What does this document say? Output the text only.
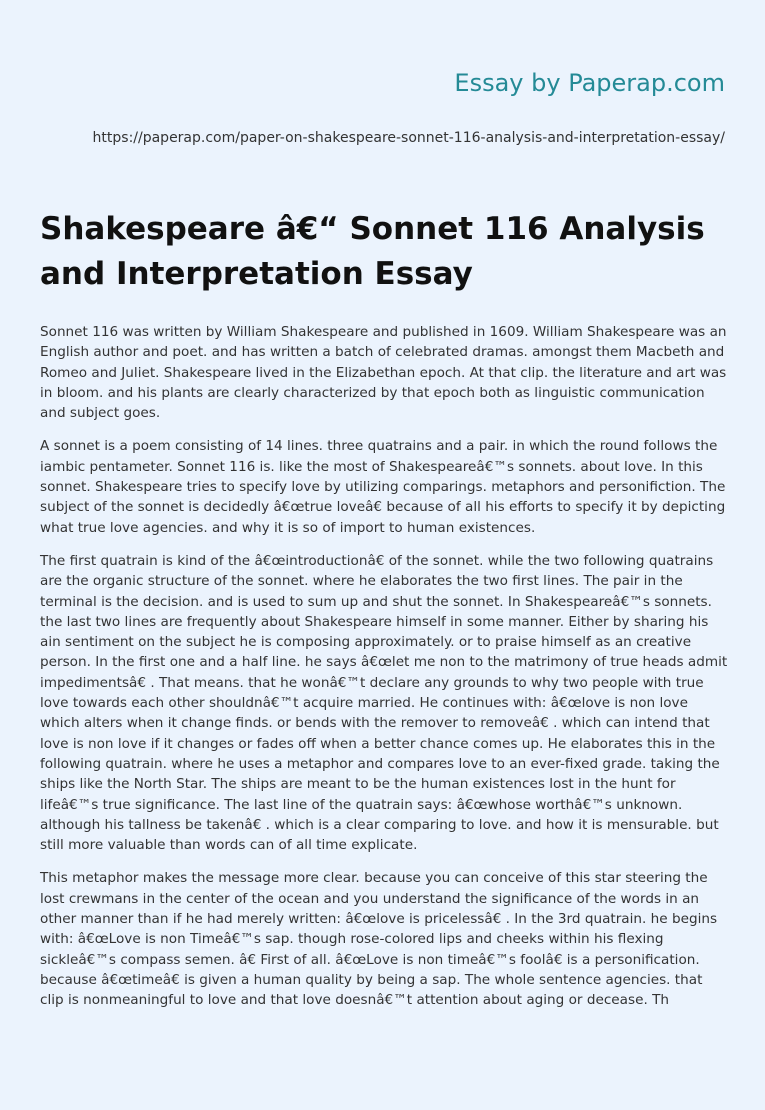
Essay by Paperap.com
https://paperap.com/paper-on-shakespeare-sonnet-116-analysis-and-interpretation-essay/
Shakespeare â€“ Sonnet 116 Analysis and Interpretation Essay

Sonnet 116 was written by William Shakespeare and published in 1609. William Shakespeare was an English author and poet. and has written a batch of celebrated dramas. amongst them Macbeth and Romeo and Juliet. Shakespeare lived in the Elizabethan epoch. At that clip. the literature and art was in bloom. and his plants are clearly characterized by that epoch both as linguistic communication and subject goes.

A sonnet is a poem consisting of 14 lines. three quatrains and a pair. in which the round follows the iambic pentameter. Sonnet 116 is. like the most of Shakespeareâ€™s sonnets. about love. In this sonnet. Shakespeare tries to specify love by utilizing comparings. metaphors and personifiction. The subject of the sonnet is decidedly â€œtrue loveâ€ because of all his efforts to specify it by depicting what true love agencies. and why it is so of import to human existences.

The first quatrain is kind of the â€œintroductionâ€ of the sonnet. while the two following quatrains are the organic structure of the sonnet. where he elaborates the two first lines. The pair in the terminal is the decision. and is used to sum up and shut the sonnet. In Shakespeareâ€™s sonnets. the last two lines are frequently about Shakespeare himself in some manner. Either by sharing his ain sentiment on the subject he is composing approximately. or to praise himself as an creative person. In the first one and a half line. he says â€œlet me non to the matrimony of true heads admit impedimentsâ€ . That means. that he wonâ€™t declare any grounds to why two people with true love towards each other shouldnâ€™t acquire married. He continues with: â€œlove is non love which alters when it change finds. or bends with the remover to removeâ€ . which can intend that love is non love if it changes or fades off when a better chance comes up. He elaborates this in the following quatrain. where he uses a metaphor and compares love to an ever-fixed grade. taking the ships like the North Star. The ships are meant to be the human existences lost in the hunt for lifeâ€™s true significance. The last line of the quatrain says: â€œwhose worthâ€™s unknown. although his tallness be takenâ€ . which is a clear comparing to love. and how it is mensurable. but still more valuable than words can of all time explicate.

This metaphor makes the message more clear. because you can conceive of this star steering the lost crewmans in the center of the ocean and you understand the significance of the words in an other manner than if he had merely written: â€œlove is pricelessâ€ . In the 3rd quatrain. he begins with: â€œLove is non Timeâ€™s sap. though rose-colored lips and cheeks within his flexing sickleâ€™s compass semen. â€ First of all. â€œLove is non timeâ€™s foolâ€ is a personification. because â€œtimeâ€ is given a human quality by being a sap. The whole sentence agencies. that clip is nonmeaningful to love and that love doesnâ€™t attention about aging or decease. Th
